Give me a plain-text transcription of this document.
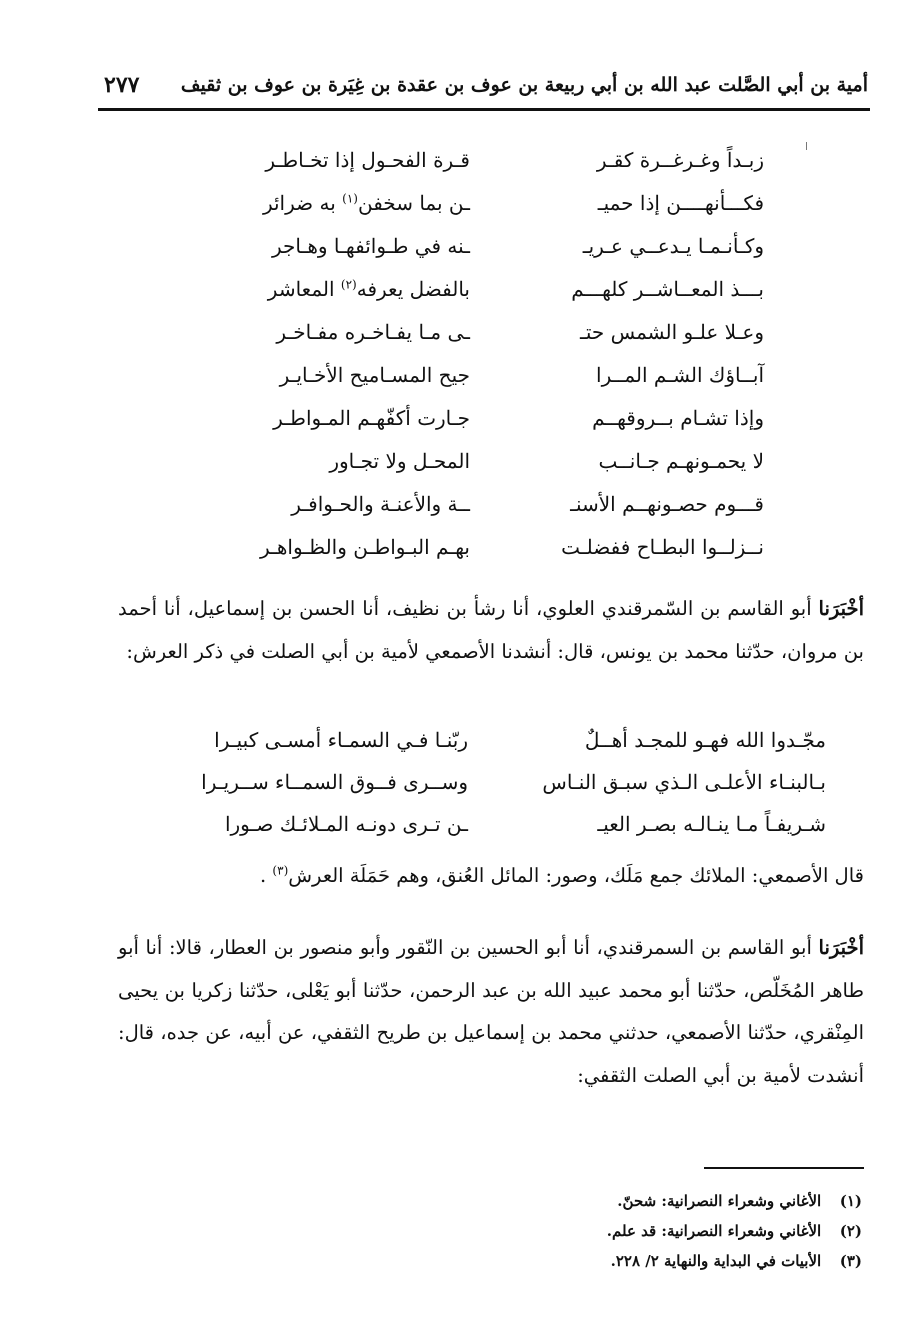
أمية بن أبي الصَّلت عبد الله بن أبي ربيعة بن عوف بن عقدة بن غِيَرة بن عوف بن ثقيف
٢٧٧
زبـداً وغـرغــرة كقـر
قـرة الفحـول إذا تخـاطـر
فكـــأنهــــن إذا حميـ
ـن بما سخفن$^{(١)}$ به ضرائر
وكـأنـمـا يـدعــي عـريـ
ـنه في طـوائفهـا وهـاجر
بـــذ المعــاشــر كلهـــم
بالفضل يعرفه$^{(٢)}$ المعاشر
وعـلا علـو الشمس حتـ
ـى مـا يفـاخـره مفـاخـر
آبــاؤك الشـم المــرا
جيح المسـاميح الأخـايـر
وإذا تشـام بــروقهــم
جـارت أكفّهـم المـواطـر
لا يحمـونهـم جـانــب
المحـل ولا تجـاور
قـــوم حصـونهــم الأسنـ
ــة والأعنـة والحـوافـر
نــزلــوا البطـاح ففضلـت
بهـم البـواطـن والظـواهـر

أخْبَرَنا أبو القاسم بن السّمرقندي العلوي، أنا رشأ بن نظيف، أنا الحسن بن إسماعيل، أنا أحمد بن مروان، حدّثنا محمد بن يونس، قال: أنشدنا الأصمعي لأمية بن أبي الصلت في ذكر العرش:

مجّـدوا الله فهـو للمجـد أهــلٌ
ربّنـا فـي السمـاء أمسـى كبيـرا
بـالبنـاء الأعلـى الـذي سبـق النـاس
وســرى فــوق السمــاء ســريـرا
شـريفـاً مـا ينـالـه بصـر العيـ
ـن تـرى دونـه المـلائـك صـورا

قال الأصمعي: الملائك جمع مَلَك، وصور: المائل العُنق، وهم حَمَلَة العرش$^{(٣)}$ .

أخْبَرَنا أبو القاسم بن السمرقندي، أنا أبو الحسين بن النّقور وأبو منصور بن العطار، قالا: أنا أبو طاهر المُخَلّص، حدّثنا أبو محمد عبيد الله بن عبد الرحمن، حدّثنا أبو يَعْلى، حدّثنا زكريا بن يحيى المِنْقري، حدّثنا الأصمعي، حدثني محمد بن إسماعيل بن طريح الثقفي، عن أبيه، عن جده، قال: أنشدت لأمية بن أبي الصلت الثقفي:

(١) الأغاني وشعراء النصرانية: شحنّ.
(٢) الأغاني وشعراء النصرانية: قد علم.
(٣) الأبيات في البداية والنهاية ٢/ ٢٢٨.
